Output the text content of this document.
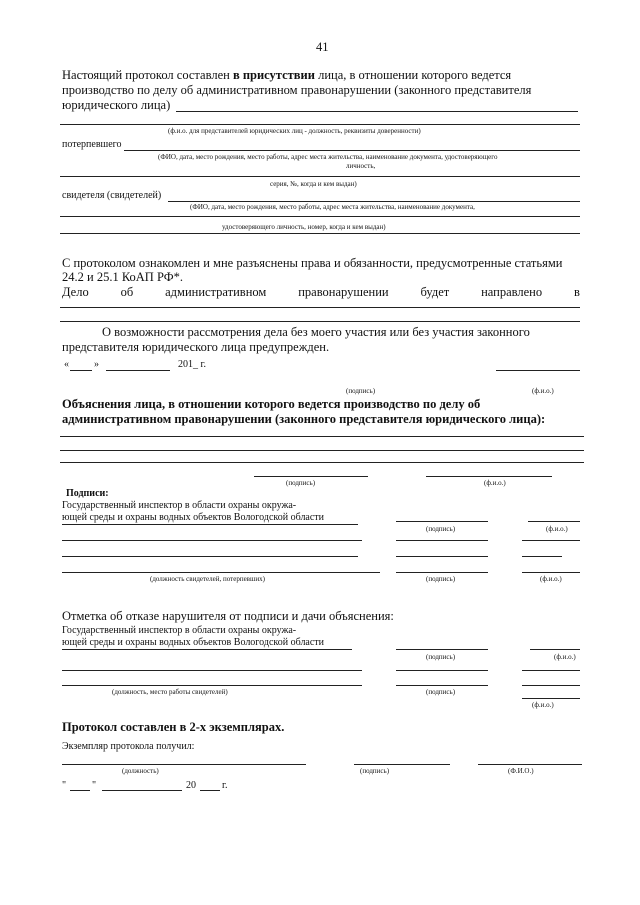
41
Настоящий протокол составлен в присутствии лица, в отношении которого ведется
производство по делу об административном правонарушении (законного представителя
юридического лица)
(ф.и.о. для представителей юридических лиц - должность, реквизиты доверенности)
потерпевшего
(ФИО, дата, место рождения, место работы, адрес места жительства, наименование документа, удостоверяющего
личность,
серия, №, когда и кем выдан)
свидетеля (свидетелей)
(ФИО, дата, место рождения, место работы, адрес места жительства, наименование документа,
удостоверяющего личность, номер, когда и кем выдан)
С протоколом ознакомлен и мне разъяснены права и обязанности, предусмотренные статьями
24.2 и 25.1 КоАП РФ*.
Дело	об	административном	правонарушении	будет	направлено	в
О возможности рассмотрения дела без моего участия или без участия законного
представителя юридического лица предупрежден.
«	»	201_ г.
(подпись)	(ф.и.о.)
Объяснения лица, в отношении которого ведется производство по делу об
административном правонарушении (законного представителя юридического лица):
(подпись)	(ф.и.о.)
Подписи:
Государственный инспектор в области охраны окружа-
ющей среды и охраны водных объектов Вологодской области
(подпись)	(ф.и.о.)
(должность свидетелей, потерпевших)	(подпись)	(ф.и.о.)
Отметка об отказе нарушителя от подписи и дачи объяснения:
Государственный инспектор в области охраны окружа-
ющей среды и охраны водных объектов Вологодской области
(подпись)	(ф.и.о.)
(должность, место работы свидетелей)	(подпись)
(ф.и.о.)
Протокол составлен в 2-х экземплярах.
Экземпляр протокола получил:
(должность)	(подпись)	(Ф.И.О.)
"	"	20	г.
